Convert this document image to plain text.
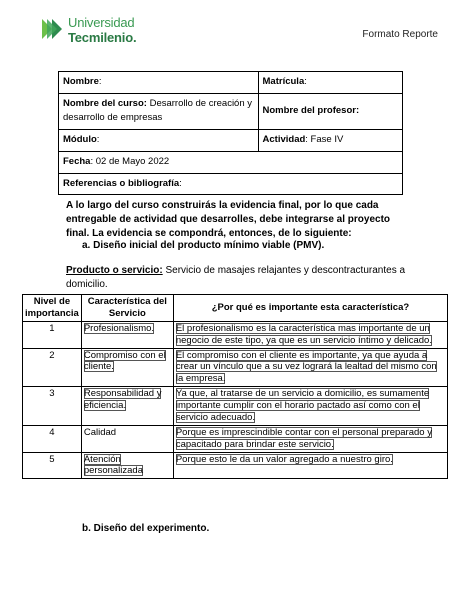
Universidad
Tecmilenio.	Formato Reporte
Nombre:	Matrícula:
Nombre del curso: Desarrollo de creación y desarrollo de empresas	Nombre del profesor:
Módulo:	Actividad: Fase IV
Fecha: 02 de Mayo 2022	
Referencias o bibliografía:	

A lo largo del curso construirás la evidencia final, por lo que cada entregable de actividad que desarrolles, debe integrarse al proyecto final. La evidencia se compondrá, entonces, de lo siguiente:

a. Diseño inicial del producto mínimo viable (PMV).

Producto o servicio: Servicio de masajes relajantes y descontracturantes a domicilio.

Nivel de importancia	Característica del Servicio	¿Por qué es importante esta característica?
1	Profesionalismo.	El profesionalismo es la característica mas importante de un negocio de este tipo, ya que es un servicio íntimo y delicado.
2	Compromiso con el cliente.	El compromiso con el cliente es importante, ya que ayuda a crear un vínculo que a su vez logrará la lealtad del mismo con la empresa.
3	Responsabilidad y eficiencia.	Ya que, al tratarse de un servicio a domicilio, es sumamente importante cumplir con el horario pactado así como con el servicio adecuado.
4	Calidad	Porque es imprescindible contar con el personal preparado y capacitado para brindar este servicio.
5	Atención personalizada	Porque esto le da un valor agregado a nuestro giro.

b. Diseño del experimento.
